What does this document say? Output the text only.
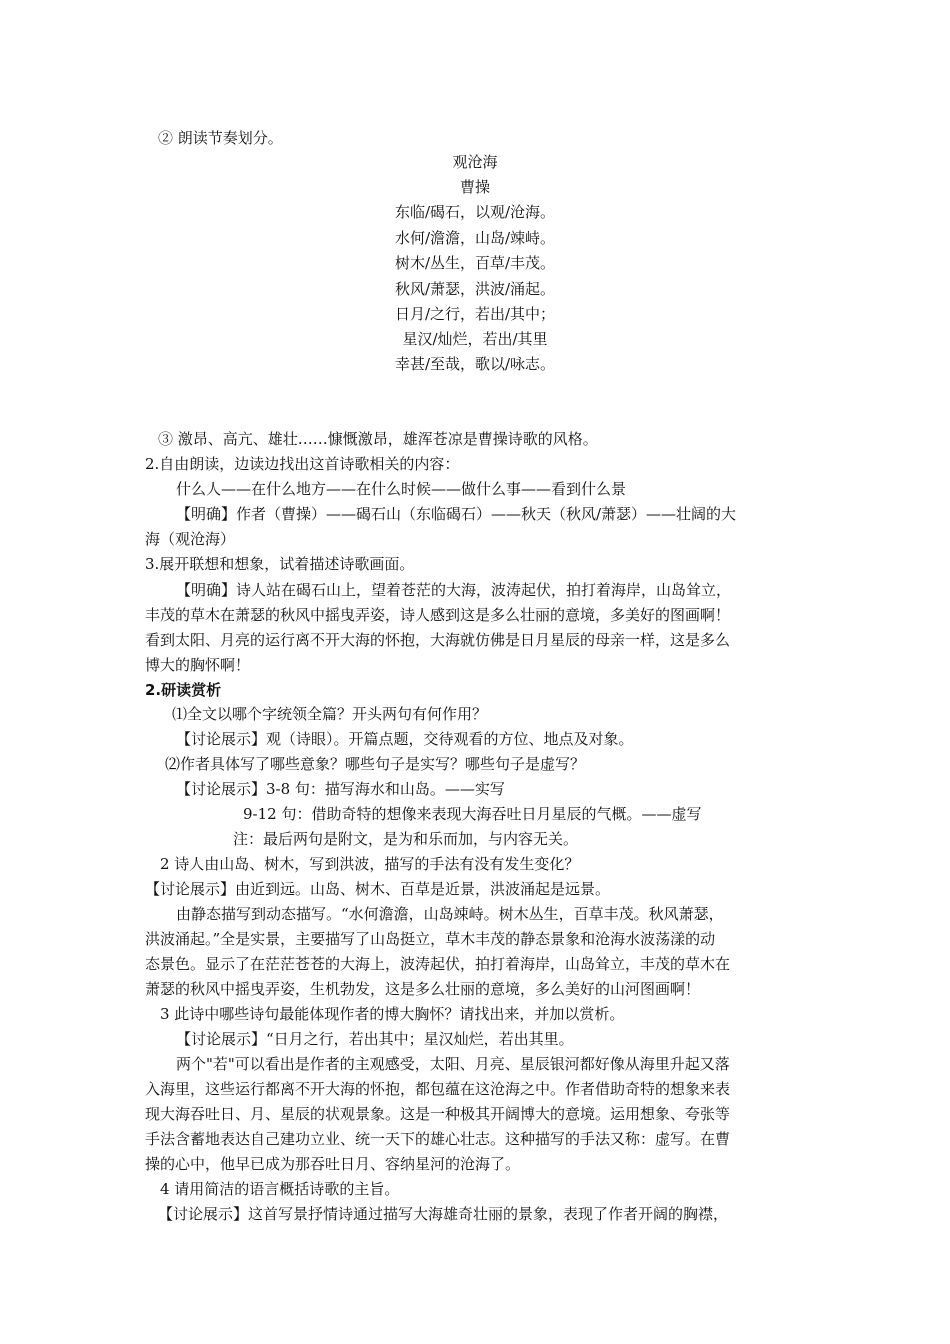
② 朗读节奏划分。
观沧海
曹操
东临/碣石，以观/沧海。
水何/澹澹，山岛/竦峙。
树木/丛生，百草/丰茂。
秋风/萧瑟，洪波/涌起。
日月/之行，若出/其中；
星汉/灿烂，若出/其里
幸甚/至哉，歌以/咏志。
③ 激昂、高亢、雄壮……慷慨激昂，雄浑苍凉是曹操诗歌的风格。
2.自由朗读，边读边找出这首诗歌相关的内容：
什么人——在什么地方——在什么时候——做什么事——看到什么景
【明确】作者（曹操）——碣石山（东临碣石）——秋天（秋风/萧瑟）——壮阔的大
海（观沧海）
3.展开联想和想象，试着描述诗歌画面。
【明确】诗人站在碣石山上，望着苍茫的大海，波涛起伏，拍打着海岸，山岛耸立，
丰茂的草木在萧瑟的秋风中摇曳弄姿，诗人感到这是多么壮丽的意境，多美好的图画啊！
看到太阳、月亮的运行离不开大海的怀抱，大海就仿佛是日月星辰的母亲一样，这是多么
博大的胸怀啊！
2.研读赏析
⑴全文以哪个字统领全篇？开头两句有何作用？
【讨论展示】观（诗眼）。开篇点题，交待观看的方位、地点及对象。
⑵作者具体写了哪些意象？哪些句子是实写？哪些句子是虚写？
【讨论展示】3-8 句：描写海水和山岛。——实写
9-12 句：借助奇特的想像来表现大海吞吐日月星辰的气概。——虚写
注：最后两句是附文，是为和乐而加，与内容无关。
2 诗人由山岛、树木，写到洪波，描写的手法有没有发生变化？
【讨论展示】由近到远。山岛、树木、百草是近景，洪波涌起是远景。
由静态描写到动态描写。“水何澹澹，山岛竦峙。树木丛生，百草丰茂。秋风萧瑟，
洪波涌起。”全是实景，主要描写了山岛挺立，草木丰茂的静态景象和沧海水波荡漾的动
态景色。显示了在茫茫苍苍的大海上，波涛起伏，拍打着海岸，山岛耸立，丰茂的草木在
萧瑟的秋风中摇曳弄姿，生机勃发，这是多么壮丽的意境，多么美好的山河图画啊！
3 此诗中哪些诗句最能体现作者的博大胸怀？请找出来，并加以赏析。
【讨论展示】“日月之行，若出其中；星汉灿烂，若出其里。
两个"若"可以看出是作者的主观感受，太阳、月亮、星辰银河都好像从海里升起又落
入海里，这些运行都离不开大海的怀抱，都包蕴在这沧海之中。作者借助奇特的想象来表
现大海吞吐日、月、星辰的状观景象。这是一种极其开阔博大的意境。运用想象、夸张等
手法含蓄地表达自己建功立业、统一天下的雄心壮志。这种描写的手法又称：虚写。在曹
操的心中，他早已成为那吞吐日月、容纳星河的沧海了。
4 请用简洁的语言概括诗歌的主旨。
【讨论展示】这首写景抒情诗通过描写大海雄奇壮丽的景象，表现了作者开阔的胸襟，
